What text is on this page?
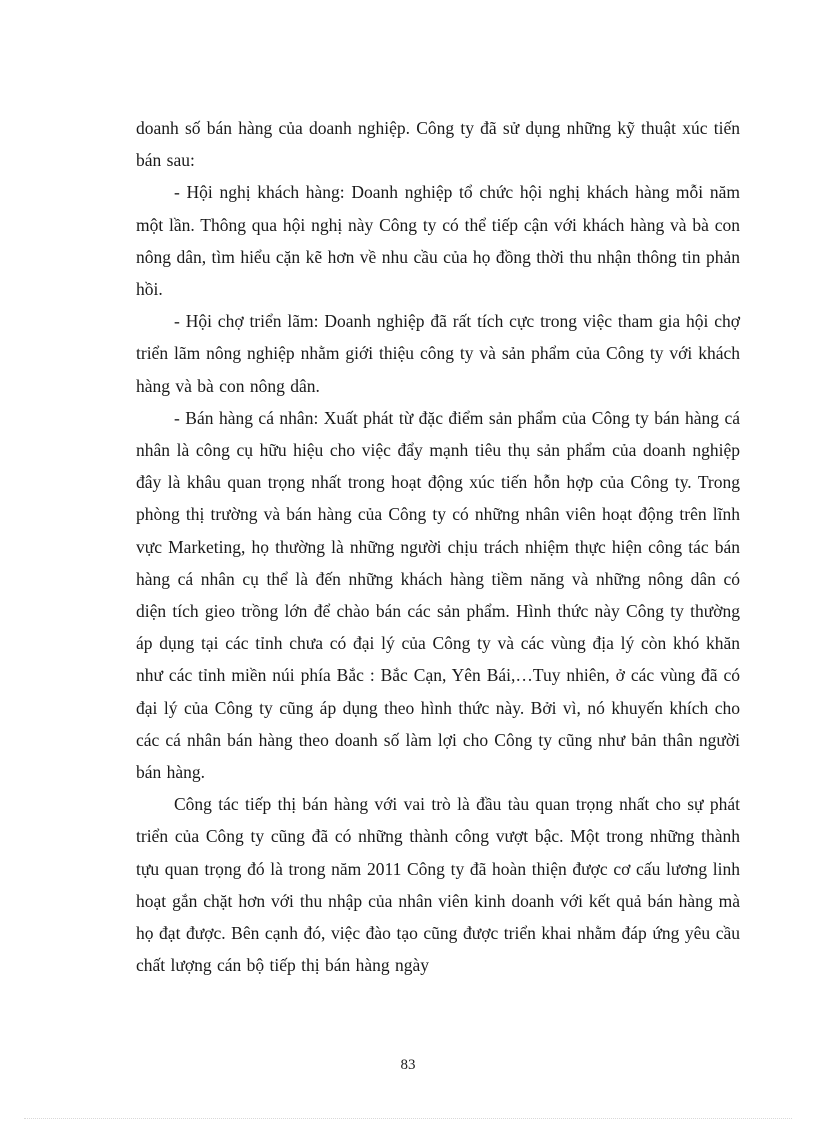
doanh số bán hàng của doanh nghiệp. Công ty đã sử dụng những kỹ thuật xúc tiến bán sau:

- Hội nghị khách hàng: Doanh nghiệp tổ chức hội nghị khách hàng mỗi năm một lần. Thông qua hội nghị này Công ty có thể tiếp cận với khách hàng và bà con nông dân, tìm hiểu cặn kẽ hơn về nhu cầu của họ đồng thời thu nhận thông tin phản hồi.

- Hội chợ triển lãm: Doanh nghiệp đã rất tích cực trong việc tham gia hội chợ triển lãm nông nghiệp nhằm giới thiệu công ty và sản phẩm của Công ty với khách hàng và bà con nông dân.

- Bán hàng cá nhân: Xuất phát từ đặc điểm sản phẩm của Công ty bán hàng cá nhân là công cụ hữu hiệu cho việc đẩy mạnh tiêu thụ sản phẩm của doanh nghiệp đây là khâu quan trọng nhất trong hoạt động xúc tiến hỗn hợp của Công ty. Trong phòng thị trường và bán hàng của Công ty có những nhân viên hoạt động trên lĩnh vực Marketing, họ thường là những người chịu trách nhiệm thực hiện công tác bán hàng cá nhân cụ thể là đến những khách hàng tiềm năng và những nông dân có diện tích gieo trồng lớn để chào bán các sản phẩm. Hình thức này Công ty thường áp dụng tại các tỉnh chưa có đại lý của Công ty và các vùng địa lý còn khó khăn như các tỉnh miền núi phía Bắc : Bắc Cạn, Yên Bái,…Tuy nhiên, ở các vùng đã có đại lý của Công ty cũng áp dụng theo hình thức này. Bởi vì, nó khuyến khích cho các cá nhân bán hàng theo doanh số làm lợi cho Công ty cũng như bản thân người bán hàng.

Công tác tiếp thị bán hàng với vai trò là đầu tàu quan trọng nhất cho sự phát triển của Công ty cũng đã có những thành công vượt bậc. Một trong những thành tựu quan trọng đó là trong năm 2011 Công ty đã hoàn thiện được cơ cấu lương linh hoạt gắn chặt hơn với thu nhập của nhân viên kinh doanh với kết quả bán hàng mà họ đạt được. Bên cạnh đó, việc đào tạo cũng được triển khai nhằm đáp ứng yêu cầu chất lượng cán bộ tiếp thị bán hàng ngày

83
